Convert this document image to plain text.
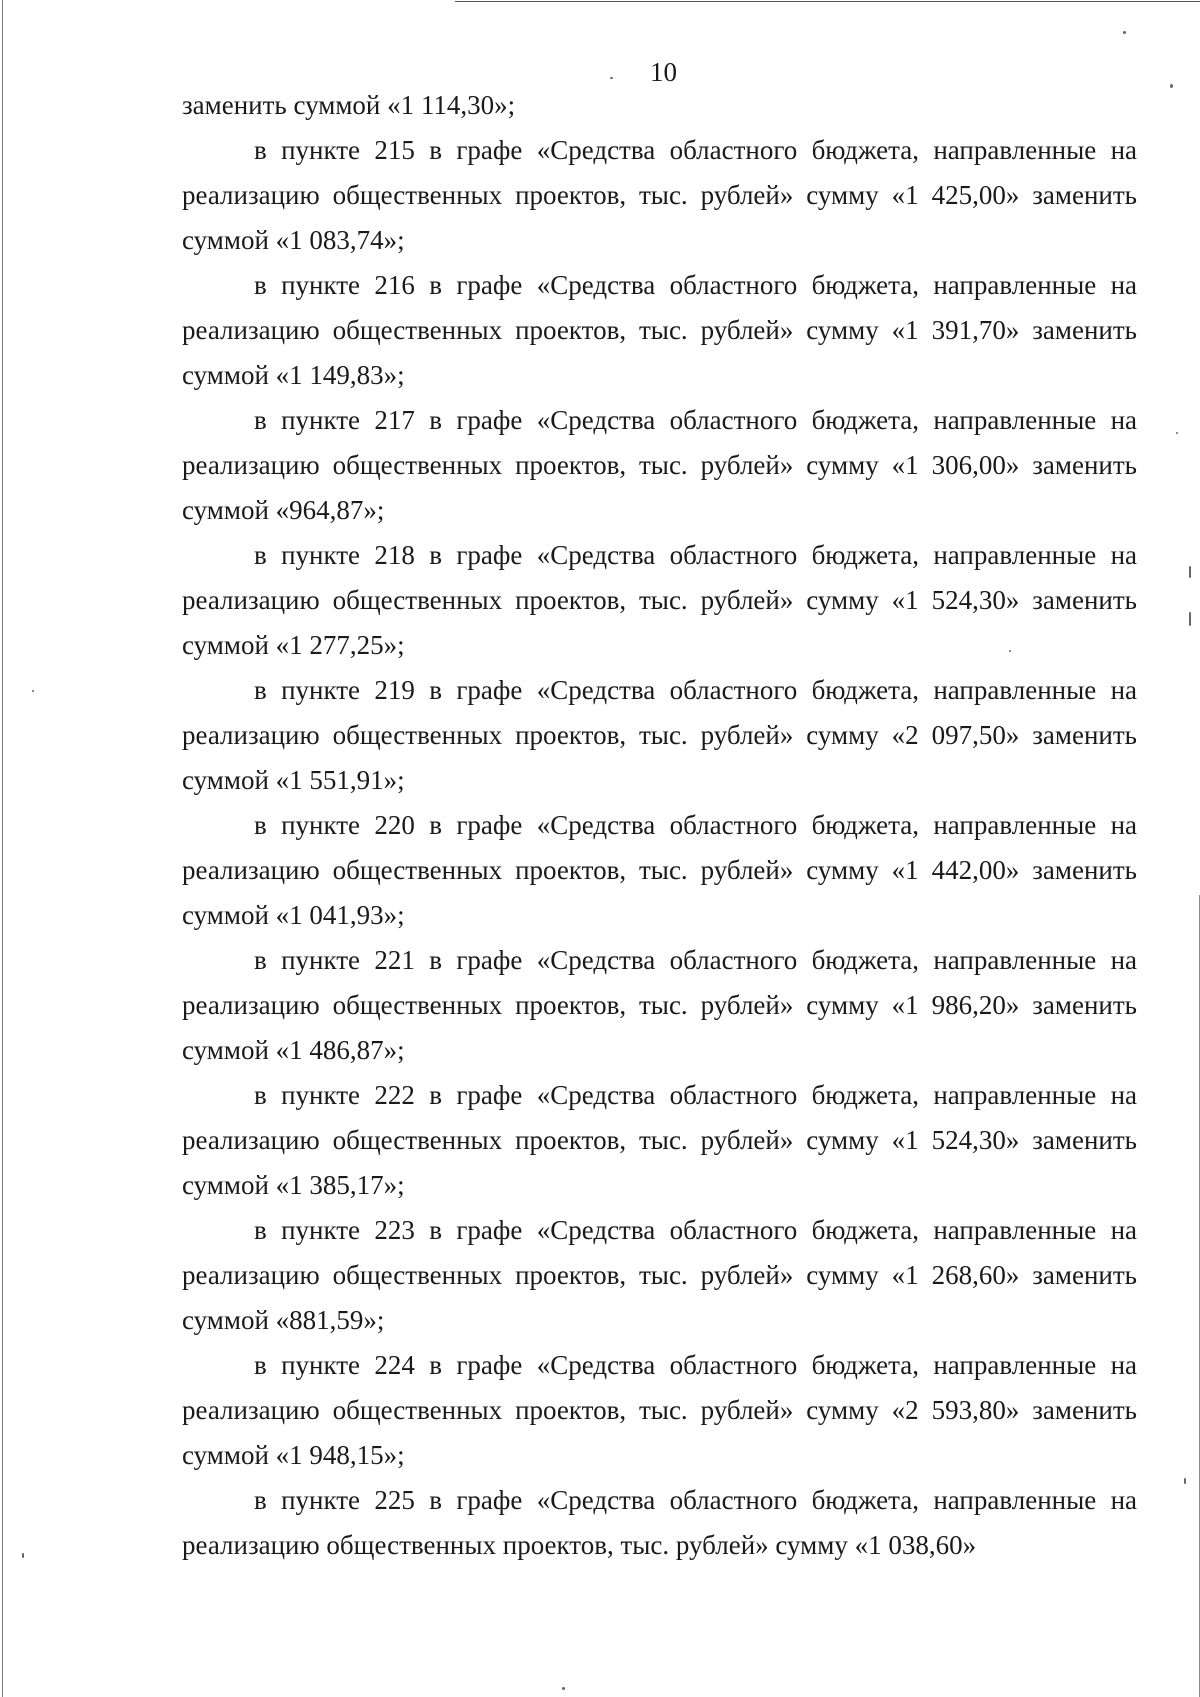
10

заменить суммой «1 114,30»;

в пункте 215 в графе «Средства областного бюджета, направленные на реализацию общественных проектов, тыс. рублей» сумму «1 425,00» заменить суммой «1 083,74»;

в пункте 216 в графе «Средства областного бюджета, направленные на реализацию общественных проектов, тыс. рублей» сумму «1 391,70» заменить суммой «1 149,83»;

в пункте 217 в графе «Средства областного бюджета, направленные на реализацию общественных проектов, тыс. рублей» сумму «1 306,00» заменить суммой «964,87»;

в пункте 218 в графе «Средства областного бюджета, направленные на реализацию общественных проектов, тыс. рублей» сумму «1 524,30» заменить суммой «1 277,25»;

в пункте 219 в графе «Средства областного бюджета, направленные на реализацию общественных проектов, тыс. рублей» сумму «2 097,50» заменить суммой «1 551,91»;

в пункте 220 в графе «Средства областного бюджета, направленные на реализацию общественных проектов, тыс. рублей» сумму «1 442,00» заменить суммой «1 041,93»;

в пункте 221 в графе «Средства областного бюджета, направленные на реализацию общественных проектов, тыс. рублей» сумму «1 986,20» заменить суммой «1 486,87»;

в пункте 222 в графе «Средства областного бюджета, направленные на реализацию общественных проектов, тыс. рублей» сумму «1 524,30» заменить суммой «1 385,17»;

в пункте 223 в графе «Средства областного бюджета, направленные на реализацию общественных проектов, тыс. рублей» сумму «1 268,60» заменить суммой «881,59»;

в пункте 224 в графе «Средства областного бюджета, направленные на реализацию общественных проектов, тыс. рублей» сумму «2 593,80» заменить суммой «1 948,15»;

в пункте 225 в графе «Средства областного бюджета, направленные на реализацию общественных проектов, тыс. рублей» сумму «1 038,60»
